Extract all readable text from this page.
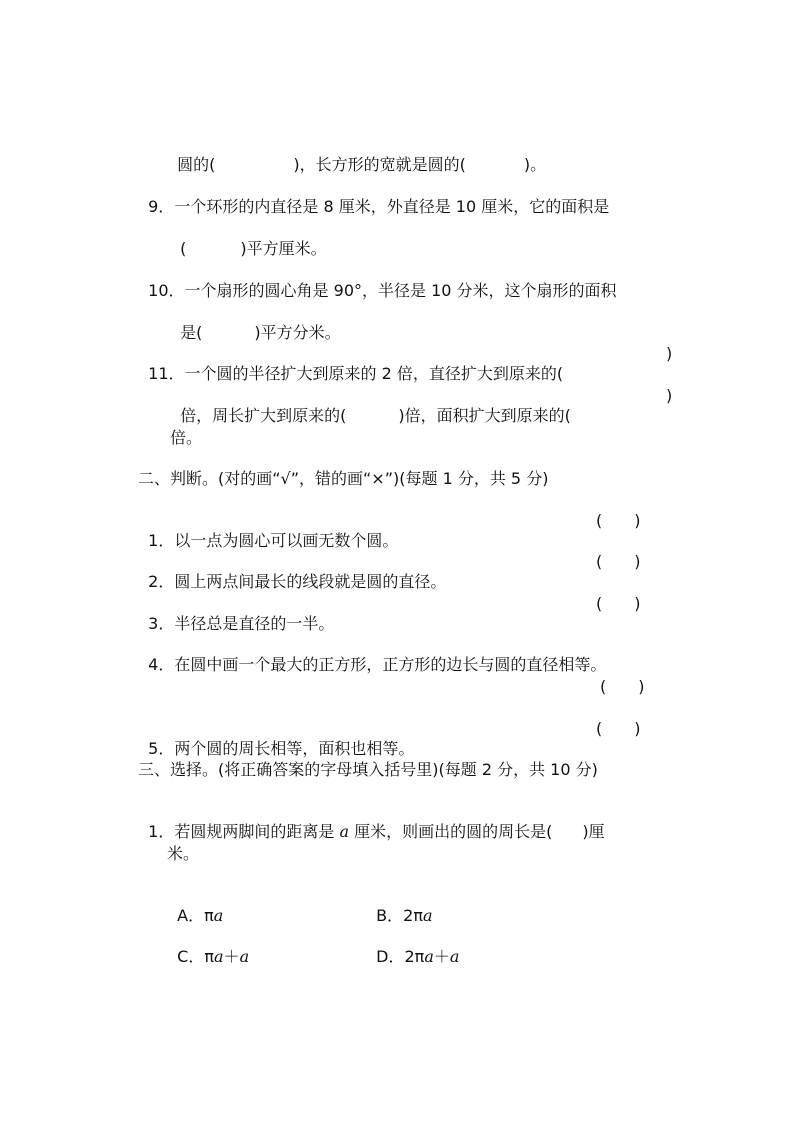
圆的(	)，长方形的宽就是圆的(	)。

9．一个环形的内直径是 8 厘米，外直径是 10 厘米，它的面积是

(	)平方厘米。

10．一个扇形的圆心角是 90°，半径是 10 分米，这个扇形的面积

是(	)平方分米。

11．一个圆的半径扩大到原来的 2 倍，直径扩大到原来的(

)

倍，周长扩大到原来的(	)倍，面积扩大到原来的(

)
倍。
二、判断。(对的画“√”，错的画“×”)(每题 1 分，共 5 分)

1．以一点为圆心可以画无数个圆。

(　　)

2．圆上两点间最长的线段就是圆的直径。

(　　)

3．半径总是直径的一半。

(　　)

4．在圆中画一个最大的正方形，正方形的边长与圆的直径相等。

(　　)

5．两个圆的周长相等，面积也相等。

(　　)
三、选择。(将正确答案的字母填入括号里)(每题 2 分，共 10 分)

1．若圆规两脚间的距离是 a 厘米，则画出的圆的周长是( )厘

米。

A．πa	B．2πa

C．πa＋a	D．2πa＋a
